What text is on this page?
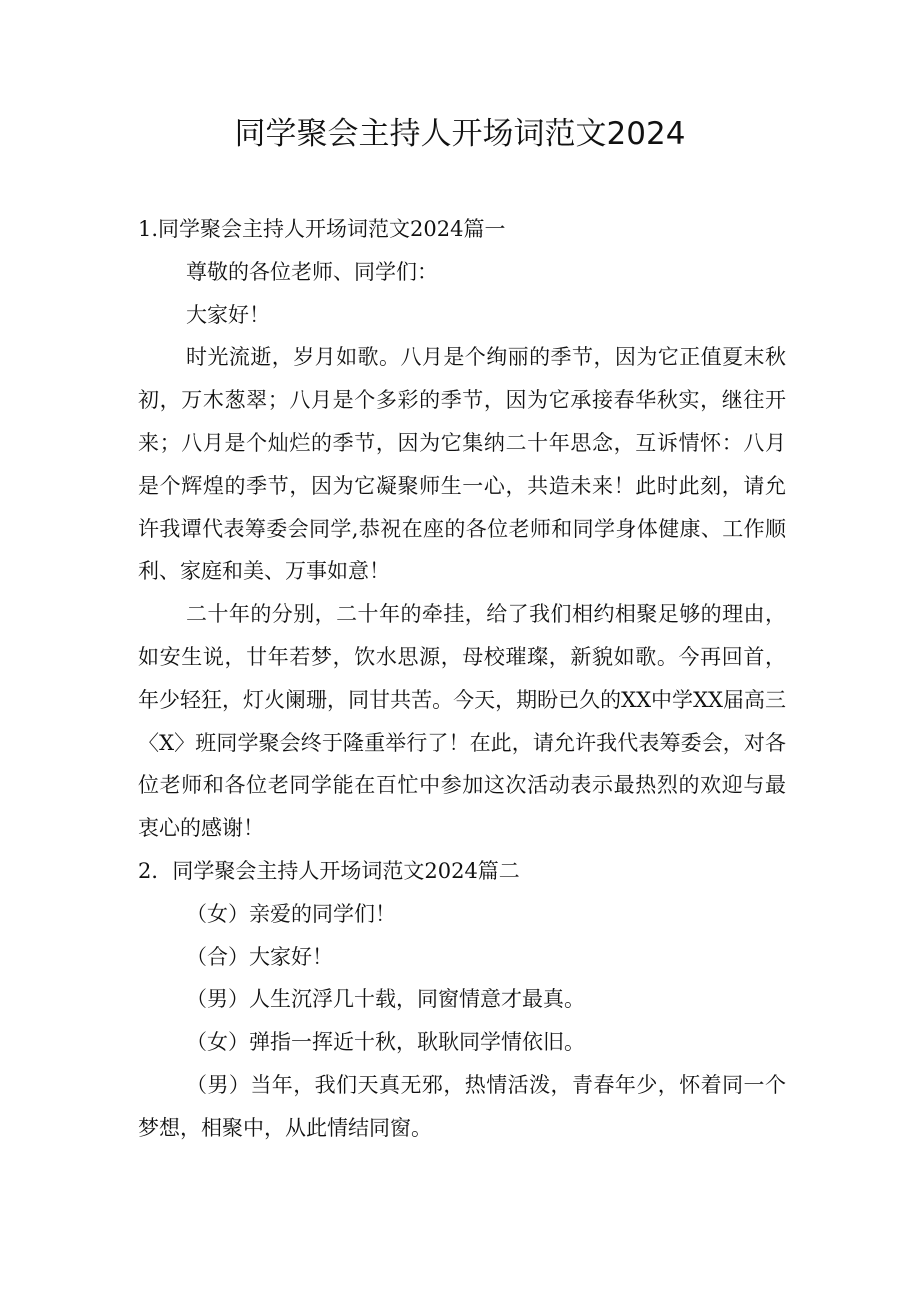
同学聚会主持人开场词范文2024
1.同学聚会主持人开场词范文2024篇一
尊敬的各位老师、同学们：
大家好！

时光流逝，岁月如歌。八月是个绚丽的季节，因为它正值夏末秋初，万木葱翠；八月是个多彩的季节，因为它承接春华秋实，继往开来；八月是个灿烂的季节，因为它集纳二十年思念，互诉情怀：八月是个辉煌的季节，因为它凝聚师生一心，共造未来！此时此刻，请允许我谭代表筹委会同学,恭祝在座的各位老师和同学身体健康、工作顺利、家庭和美、万事如意！

二十年的分别，二十年的牵挂，给了我们相约相聚足够的理由，如安生说，廿年若梦，饮水思源，母校璀璨，新貌如歌。今再回首，年少轻狂，灯火阑珊，同甘共苦。今天，期盼已久的XX中学XX届高三〈X〉班同学聚会终于隆重举行了！在此，请允许我代表筹委会，对各位老师和各位老同学能在百忙中参加这次活动表示最热烈的欢迎与最衷心的感谢！

2．同学聚会主持人开场词范文2024篇二
（女）亲爱的同学们！
（合）大家好！
（男）人生沉浮几十载，同窗情意才最真。
（女）弹指一挥近十秋，耿耿同学情依旧。

（男）当年，我们天真无邪，热情活泼，青春年少，怀着同一个梦想，相聚中，从此情结同窗。
